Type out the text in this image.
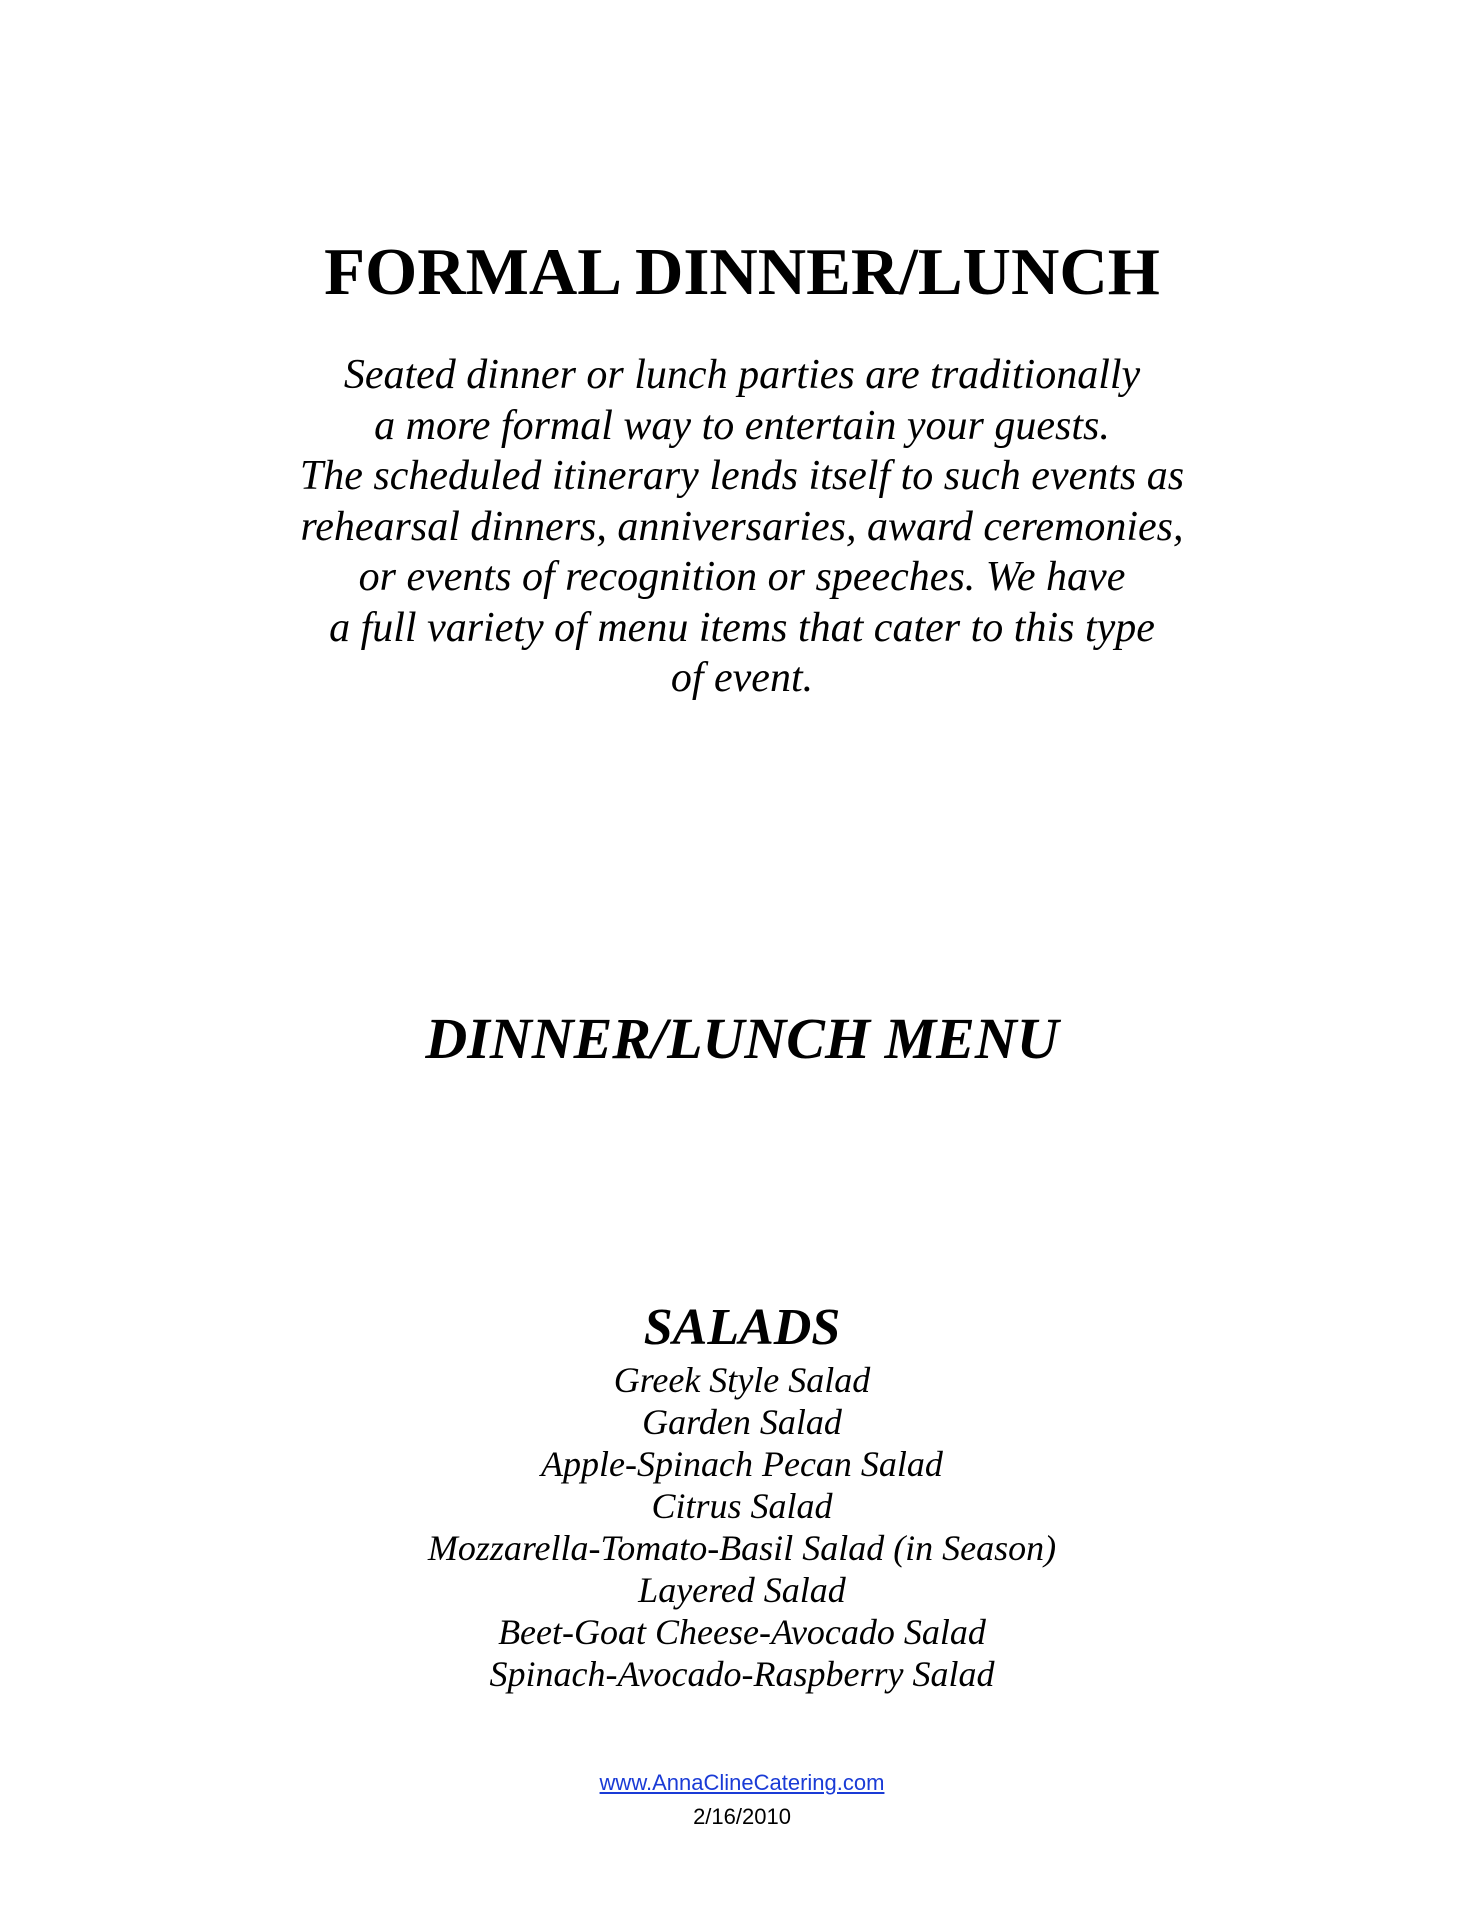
FORMAL DINNER/LUNCH
Seated dinner or lunch parties are traditionally
a more formal way to entertain your guests.
The scheduled itinerary lends itself to such events as
rehearsal dinners, anniversaries, award ceremonies,
or events of recognition or speeches. We have
a full variety of menu items that cater to this type
of event.
DINNER/LUNCH MENU
SALADS
Greek Style Salad
Garden Salad
Apple-Spinach Pecan Salad
Citrus Salad
Mozzarella-Tomato-Basil Salad (in Season)
Layered Salad
Beet-Goat Cheese-Avocado Salad
Spinach-Avocado-Raspberry Salad
www.AnnaClineCatering.com
2/16/2010
